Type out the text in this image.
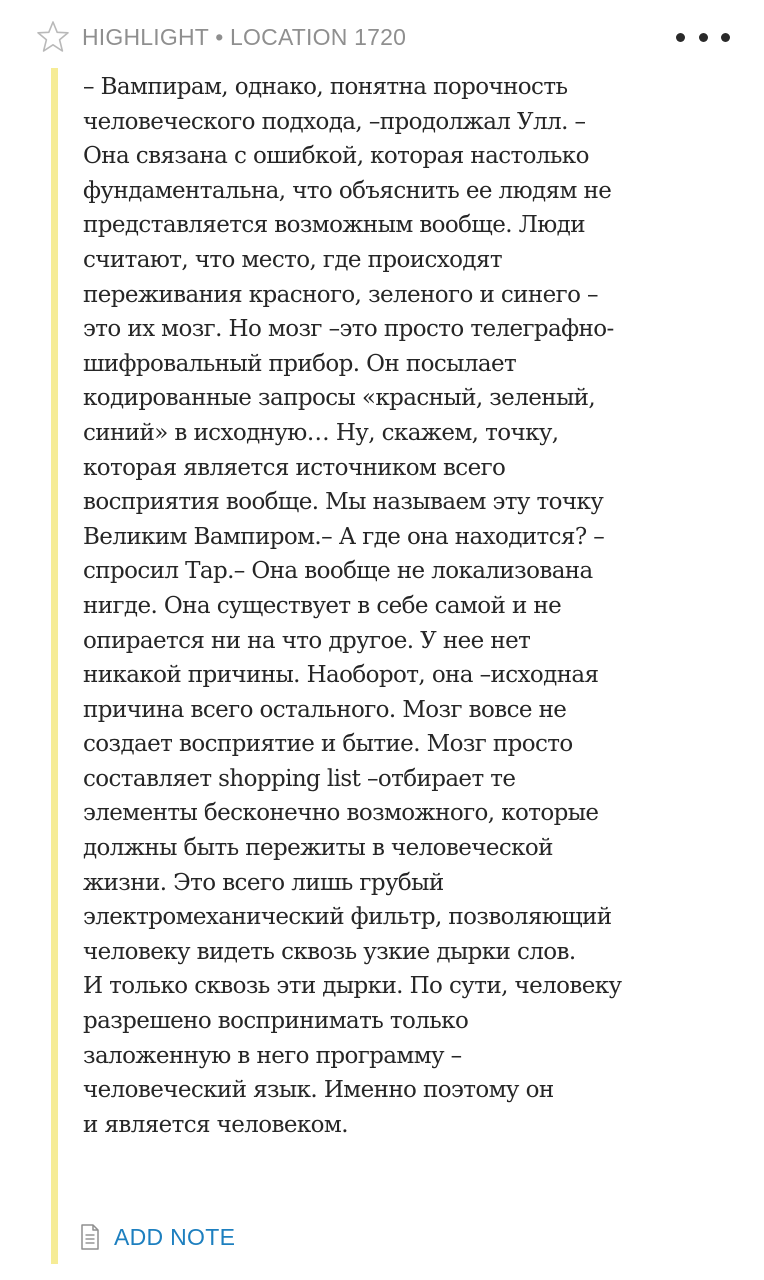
HIGHLIGHT • LOCATION 1720

– Вампирам, однако, понятна порочность
человеческого подхода, –продолжал Улл. –
Она связана с ошибкой, которая настолько
фундаментальна, что объяснить ее людям не
представляется возможным вообще. Люди
считают, что место, где происходят
переживания красного, зеленого и синего –
это их мозг. Но мозг –это просто телеграфно-
шифровальный прибор. Он посылает
кодированные запросы «красный, зеленый,
синий» в исходную… Ну, скажем, точку,
которая является источником всего
восприятия вообще. Мы называем эту точку
Великим Вампиром.– А где она находится? –
спросил Тар.– Она вообще не локализована
нигде. Она существует в себе самой и не
опирается ни на что другое. У нее нет
никакой причины. Наоборот, она –исходная
причина всего остального. Мозг вовсе не
создает восприятие и бытие. Мозг просто
составляет shopping list –отбирает те
элементы бесконечно возможного, которые
должны быть пережиты в человеческой
жизни. Это всего лишь грубый
электромеханический фильтр, позволяющий
человеку видеть сквозь узкие дырки слов.
И только сквозь эти дырки. По сути, человеку
разрешено воспринимать только
заложенную в него программу –
человеческий язык. Именно поэтому он
и является человеком.

ADD NOTE
